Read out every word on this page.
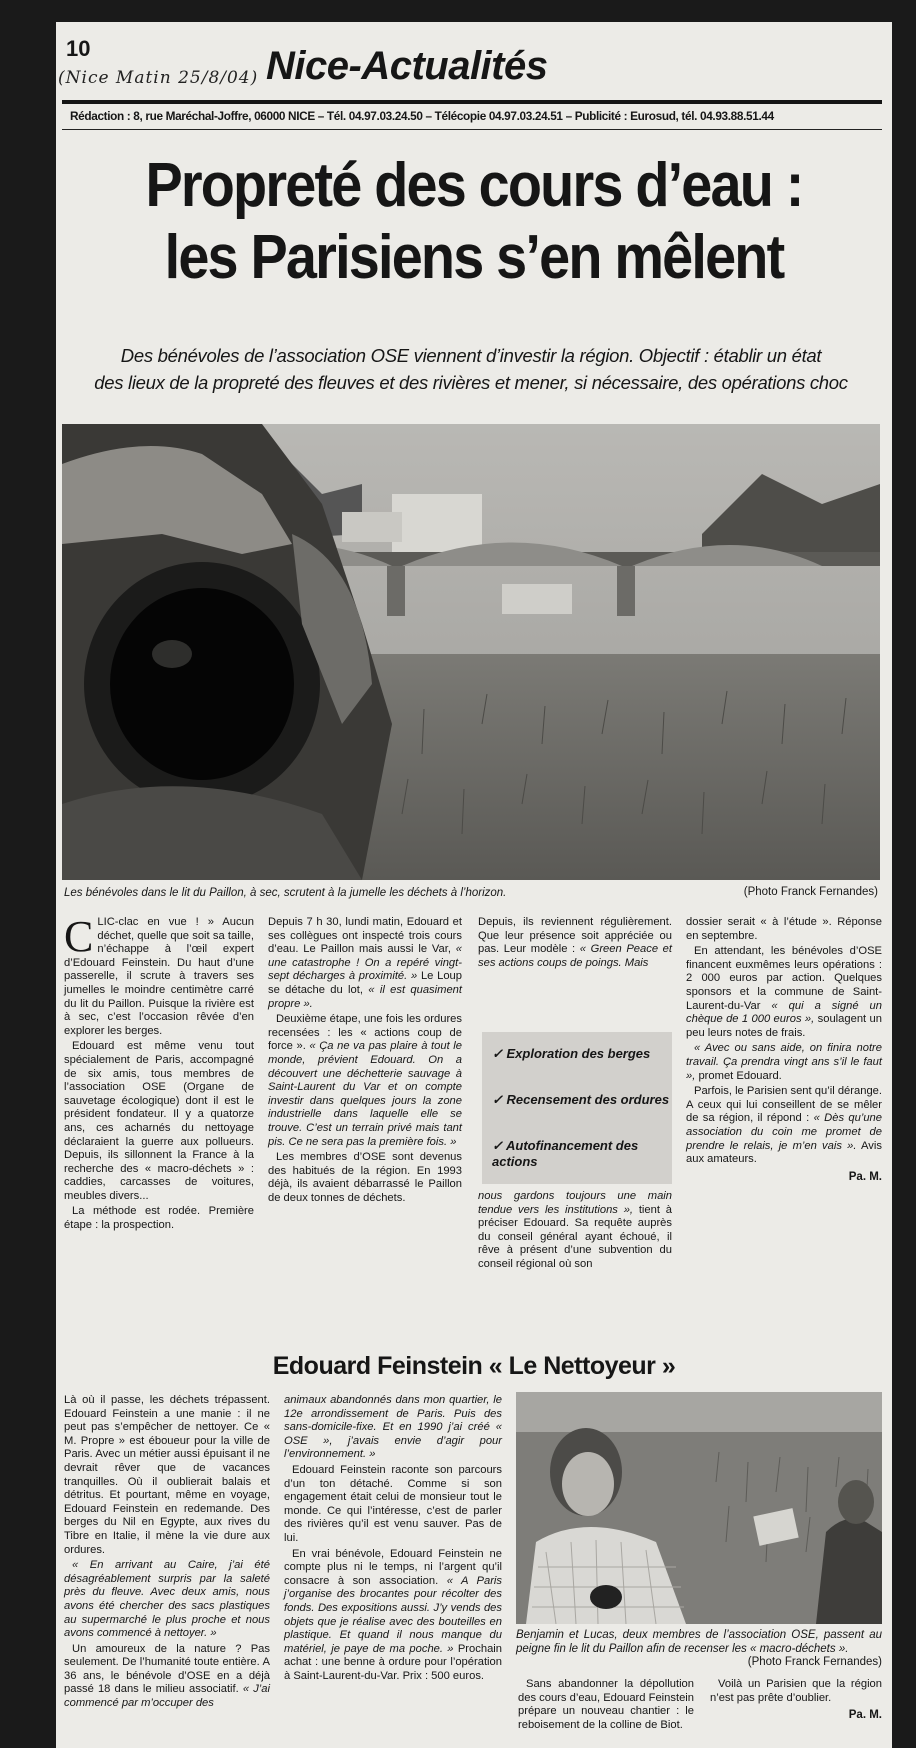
10
(Nice Matin 25/8/04) Nice-Actualités
Rédaction : 8, rue Maréchal-Joffre, 06000 NICE – Tél. 04.97.03.24.50 – Télécopie 04.97.03.24.51 – Publicité : Eurosud, tél. 04.93.88.51.44
Propreté des cours d’eau :
les Parisiens s’en mêlent
Des bénévoles de l’association OSE viennent d’investir la région. Objectif : établir un état
des lieux de la propreté des fleuves et des rivières et mener, si nécessaire, des opérations choc
Les bénévoles dans le lit du Paillon, à sec, scrutent à la jumelle les déchets à l’horizon.	(Photo Franck Fernandes)

CLIC-clac en vue ! » Aucun déchet, quelle que soit sa taille, n’échappe à l’œil expert d’Edouard Feinstein. Du haut d’une passerelle, il scrute à travers ses jumelles le moindre centimètre carré du lit du Paillon. Puisque la rivière est à sec, c’est l’occasion rêvée d’en explorer les berges.

Edouard est même venu tout spécialement de Paris, accompagné de six amis, tous membres de l’association OSE (Organe de sauvetage écologique) dont il est le président fondateur. Il y a quatorze ans, ces acharnés du nettoyage déclaraient la guerre aux pollueurs. Depuis, ils sillonnent la France à la recherche des « macro-déchets » : caddies, carcasses de voitures, meubles divers...

La méthode est rodée. Première étape : la prospection.

Depuis 7 h 30, lundi matin, Edouard et ses collègues ont inspecté trois cours d’eau. Le Paillon mais aussi le Var, « une catastrophe ! On a repéré vingt-sept décharges à proximité. » Le Loup se détache du lot, « il est quasiment propre ».

Deuxième étape, une fois les ordures recensées : les « actions coup de force ». « Ça ne va pas plaire à tout le monde, prévient Edouard. On a découvert une déchetterie sauvage à Saint-Laurent du Var et on compte investir dans quelques jours la zone industrielle dans laquelle elle se trouve. C’est un terrain privé mais tant pis. Ce ne sera pas la première fois. »

Les membres d’OSE sont devenus des habitués de la région. En 1993 déjà, ils avaient débarrassé le Paillon de deux tonnes de déchets.

Depuis, ils reviennent régulièrement. Que leur présence soit appréciée ou pas. Leur modèle : « Green Peace et ses actions coups de poings. Mais

✓ Exploration des berges
✓ Recensement des ordures
✓ Autofinancement des actions

nous gardons toujours une main tendue vers les institutions », tient à préciser Edouard. Sa requête auprès du conseil général ayant échoué, il rêve à présent d’une subvention du conseil régional où son

dossier serait « à l’étude ». Réponse en septembre.

En attendant, les bénévoles d’OSE financent euxmêmes leurs opérations : 2 000 euros par action. Quelques sponsors et la commune de Saint-Laurent-du-Var « qui a signé un chèque de 1 000 euros », soulagent un peu leurs notes de frais.

« Avec ou sans aide, on finira notre travail. Ça prendra vingt ans s’il le faut », promet Edouard.

Parfois, le Parisien sent qu’il dérange. A ceux qui lui conseillent de se mêler de sa région, il répond : « Dès qu’une association du coin me promet de prendre le relais, je m’en vais ». Avis aux amateurs.

Pa. M.
Edouard Feinstein « Le Nettoyeur »

Là où il passe, les déchets trépassent. Edouard Feinstein a une manie : il ne peut pas s’empêcher de nettoyer. Ce « M. Propre » est éboueur pour la ville de Paris. Avec un métier aussi épuisant il ne devrait rêver que de vacances tranquilles. Où il oublierait balais et détritus. Et pourtant, même en voyage, Edouard Feinstein en redemande. Des berges du Nil en Egypte, aux rives du Tibre en Italie, il mène la vie dure aux ordures.

« En arrivant au Caire, j’ai été désagréablement surpris par la saleté près du fleuve. Avec deux amis, nous avons été chercher des sacs plastiques au supermarché le plus proche et nous avons commencé à nettoyer. »

Un amoureux de la nature ? Pas seulement. De l’humanité toute entière. A 36 ans, le bénévole d’OSE en a déjà passé 18 dans le milieu associatif. « J’ai commencé par m’occuper des

animaux abandonnés dans mon quartier, le 12e arrondissement de Paris. Puis des sans-domicile-fixe. Et en 1990 j’ai créé « OSE », j’avais envie d’agir pour l’environnement. »

Edouard Feinstein raconte son parcours d’un ton détaché. Comme si son engagement était celui de monsieur tout le monde. Ce qui l’intéresse, c’est de parler des rivières qu’il est venu sauver. Pas de lui.

En vrai bénévole, Edouard Feinstein ne compte plus ni le temps, ni l’argent qu’il consacre à son association. « A Paris j’organise des brocantes pour récolter des fonds. Des expositions aussi. J’y vends des objets que je réalise avec des bouteilles en plastique. Et quand il nous manque du matériel, je paye de ma poche. » Prochain achat : une benne à ordure pour l’opération à Saint-Laurent-du-Var. Prix : 500 euros.

Benjamin et Lucas, deux membres de l’association OSE, passent au peigne fin le lit du Paillon afin de recenser les « macro-déchets ».
(Photo Franck Fernandes)

Sans abandonner la dépollution des cours d’eau, Edouard Feinstein prépare un nouveau chantier : le reboisement de la colline de Biot.

Voilà un Parisien que la région n’est pas prête d’oublier.

Pa. M.
